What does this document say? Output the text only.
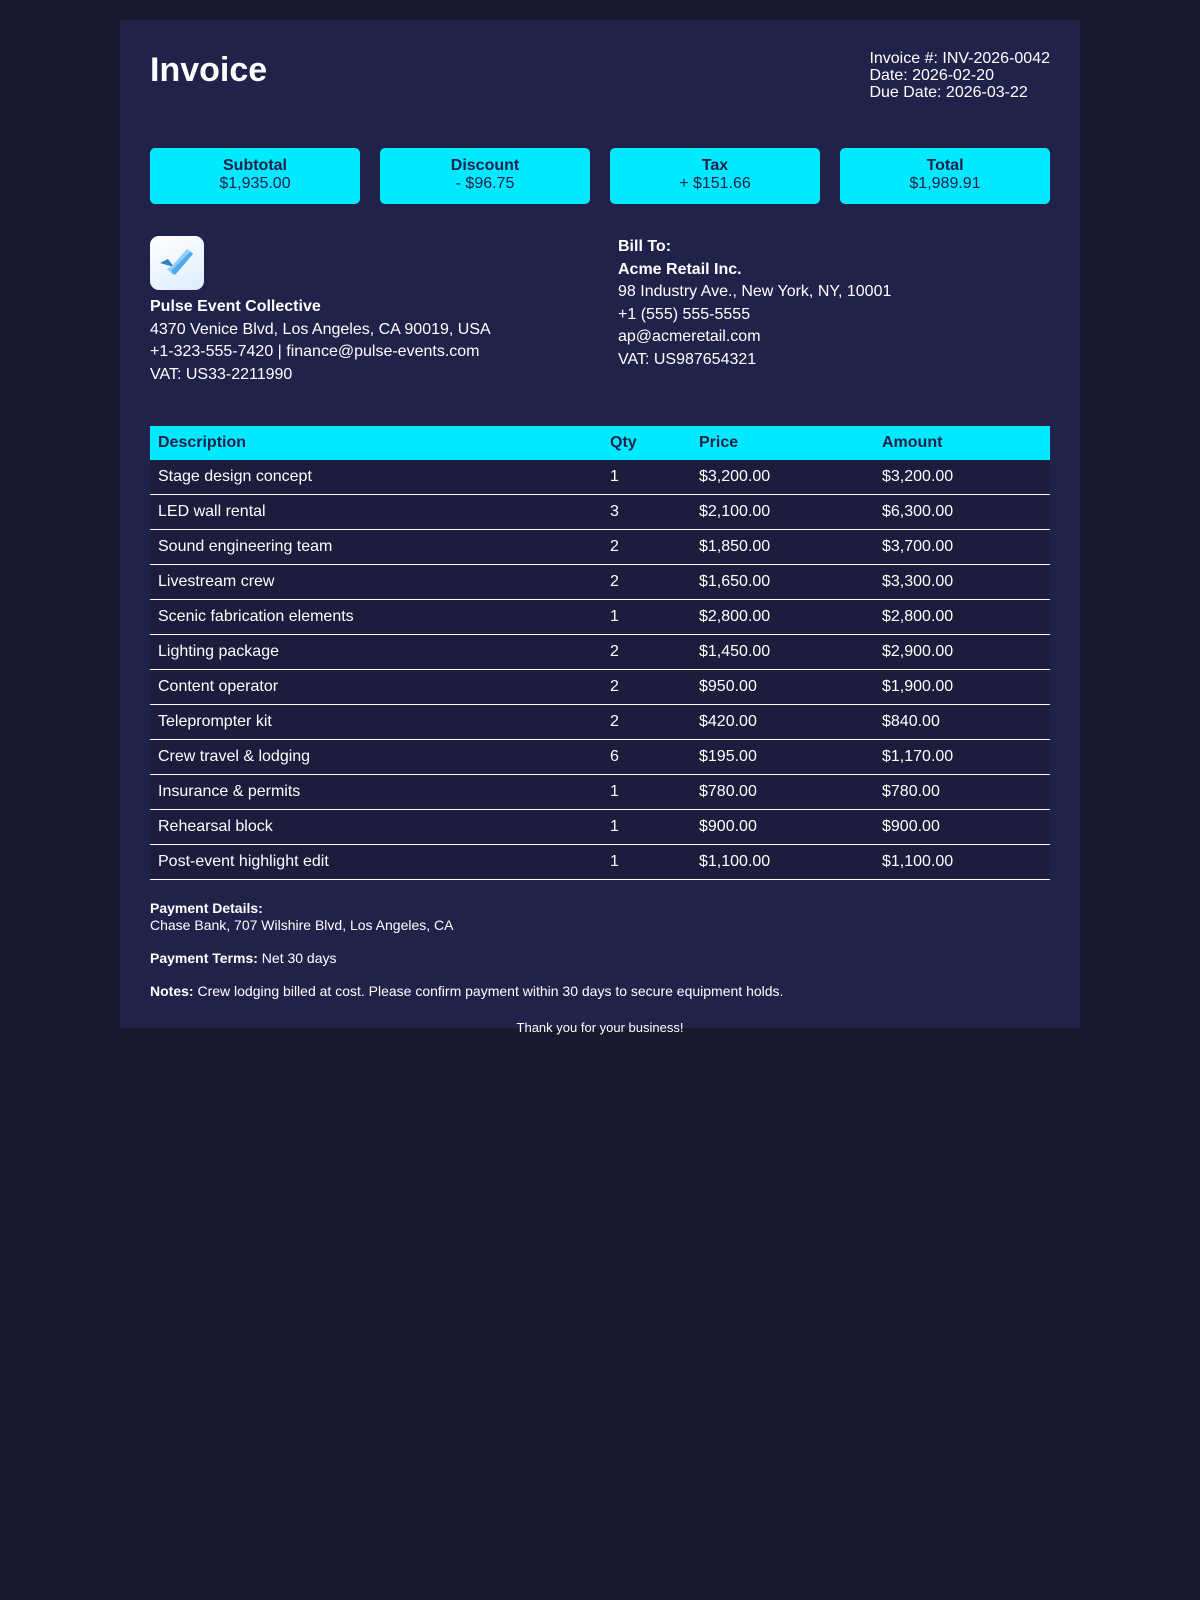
Invoice	Invoice #: INV-2026-0042
Date: 2026-02-20
Due Date: 2026-03-22
Subtotal
$1,935.00
Discount
- $96.75
Tax
+ $151.66
Total
$1,989.91
Pulse Event Collective
4370 Venice Blvd, Los Angeles, CA 90019, USA
+1-323-555-7420 | finance@pulse-events.com
VAT: US33-2211990
Bill To:
Acme Retail Inc.
98 Industry Ave., New York, NY, 10001
+1 (555) 555-5555
ap@acmeretail.com
VAT: US987654321
Description	Qty	Price	Amount
Stage design concept	1	$3,200.00	$3,200.00
LED wall rental	3	$2,100.00	$6,300.00
Sound engineering team	2	$1,850.00	$3,700.00
Livestream crew	2	$1,650.00	$3,300.00
Scenic fabrication elements	1	$2,800.00	$2,800.00
Lighting package	2	$1,450.00	$2,900.00
Content operator	2	$950.00	$1,900.00
Teleprompter kit	2	$420.00	$840.00
Crew travel & lodging	6	$195.00	$1,170.00
Insurance & permits	1	$780.00	$780.00
Rehearsal block	1	$900.00	$900.00
Post-event highlight edit	1	$1,100.00	$1,100.00
Payment Details:
Chase Bank, 707 Wilshire Blvd, Los Angeles, CA
Payment Terms: Net 30 days
Notes: Crew lodging billed at cost. Please confirm payment within 30 days to secure equipment holds.
Thank you for your business!
